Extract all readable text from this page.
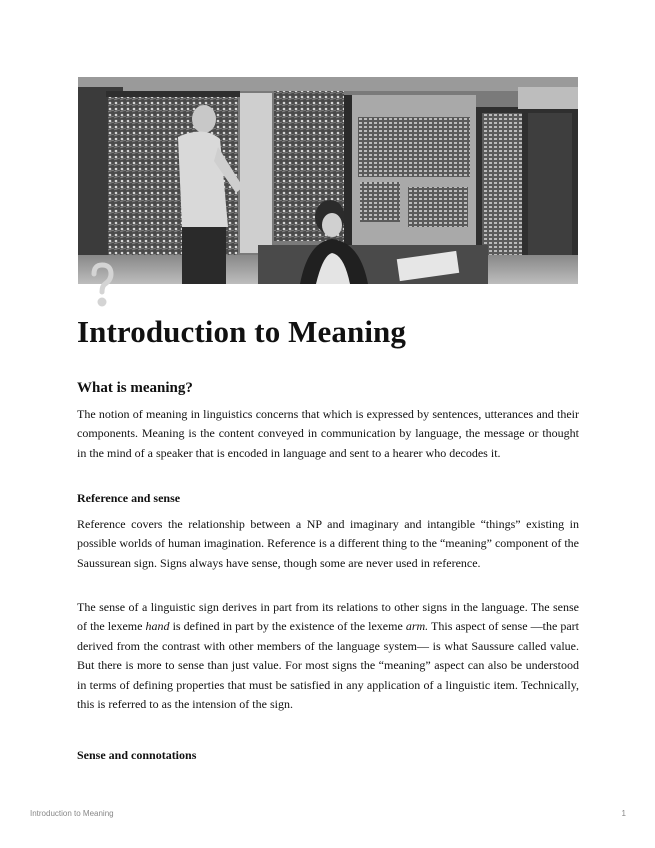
Introduction to Meaning
What is meaning?

The notion of meaning in linguistics concerns that which is expressed by sentences, utterances and their components. Meaning is the content conveyed in communication by language, the message or thought in the mind of a speaker that is encoded in language and sent to a hearer who decodes it.

Reference and sense

Reference covers the relationship between a NP and imaginary and intangible “things” existing in possible worlds of human imagination. Reference is a different thing to the “meaning” component of the Saussurean sign. Signs always have sense, though some are never used in reference.

The sense of a linguistic sign derives in part from its relations to other signs in the language. The sense of the lexeme hand is defined in part by the existence of the lexeme arm. This aspect of sense —the part derived from the contrast with other members of the language system— is what Saussure called value. But there is more to sense than just value. For most signs the “meaning” aspect can also be understood in terms of defining properties that must be satisfied in any application of a linguistic item. Technically, this is referred to as the intension of the sign.

Sense and connotations
Introduction to Meaning	1
